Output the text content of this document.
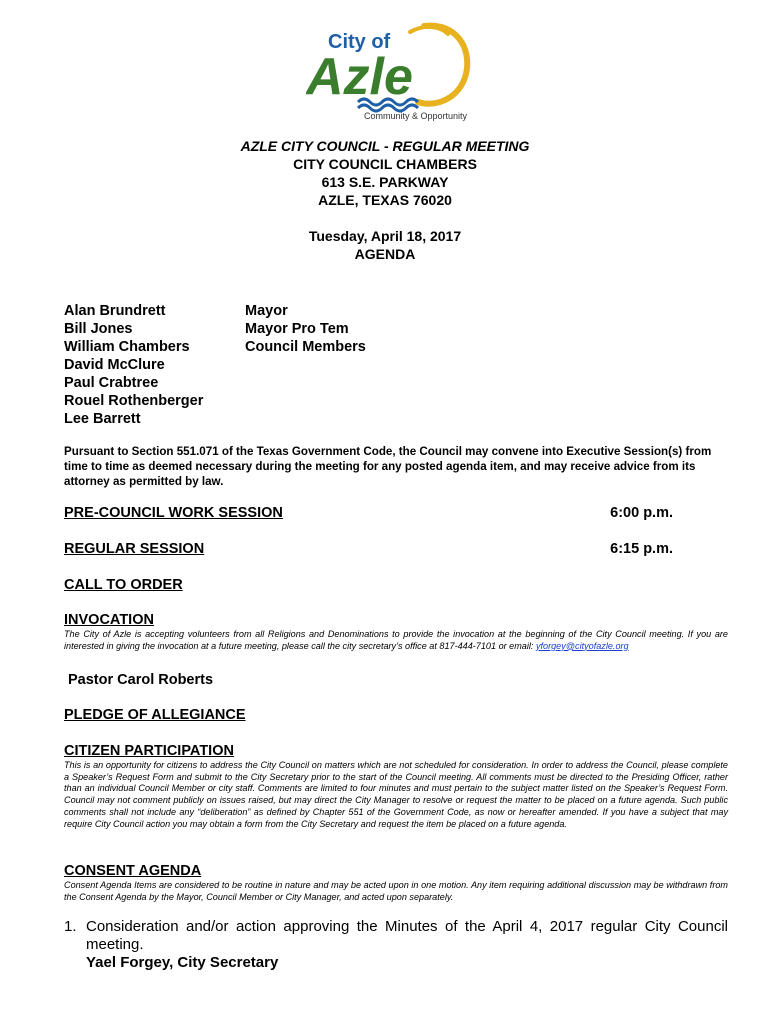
City of
Azle
Community & Opportunity
AZLE CITY COUNCIL - REGULAR MEETING
CITY COUNCIL CHAMBERS
613 S.E. PARKWAY
AZLE, TEXAS 76020
Tuesday, April 18, 2017
AGENDA
Alan Brundrett	Mayor
Bill Jones	Mayor Pro Tem
William Chambers	Council Members
David McClure
Paul Crabtree
Rouel Rothenberger
Lee Barrett
Pursuant to Section 551.071 of the Texas Government Code, the Council may convene into Executive Session(s) from time to time as deemed necessary during the meeting for any posted agenda item, and may receive advice from its attorney as permitted by law.
PRE-COUNCIL WORK SESSION	6:00 p.m.
REGULAR SESSION	6:15 p.m.
CALL TO ORDER
INVOCATION
The City of Azle is accepting volunteers from all Religions and Denominations to provide the invocation at the beginning of the City Council meeting. If you are interested in giving the invocation at a future meeting, please call the city secretary’s office at 817-444-7101 or email: yforgey@cityofazle.org
Pastor Carol Roberts
PLEDGE OF ALLEGIANCE
CITIZEN PARTICIPATION
This is an opportunity for citizens to address the City Council on matters which are not scheduled for consideration. In order to address the Council, please complete a Speaker’s Request Form and submit to the City Secretary prior to the start of the Council meeting. All comments must be directed to the Presiding Officer, rather than an individual Council Member or city staff. Comments are limited to four minutes and must pertain to the subject matter listed on the Speaker’s Request Form. Council may not comment publicly on issues raised, but may direct the City Manager to resolve or request the matter to be placed on a future agenda. Such public comments shall not include any “deliberation” as defined by Chapter 551 of the Government Code, as now or hereafter amended. If you have a subject that may require City Council action you may obtain a form from the City Secretary and request the item be placed on a future agenda.
CONSENT AGENDA
Consent Agenda Items are considered to be routine in nature and may be acted upon in one motion. Any item requiring additional discussion may be withdrawn from the Consent Agenda by the Mayor, Council Member or City Manager, and acted upon separately.
1. Consideration and/or action approving the Minutes of the April 4, 2017 regular City Council meeting.
Yael Forgey, City Secretary
